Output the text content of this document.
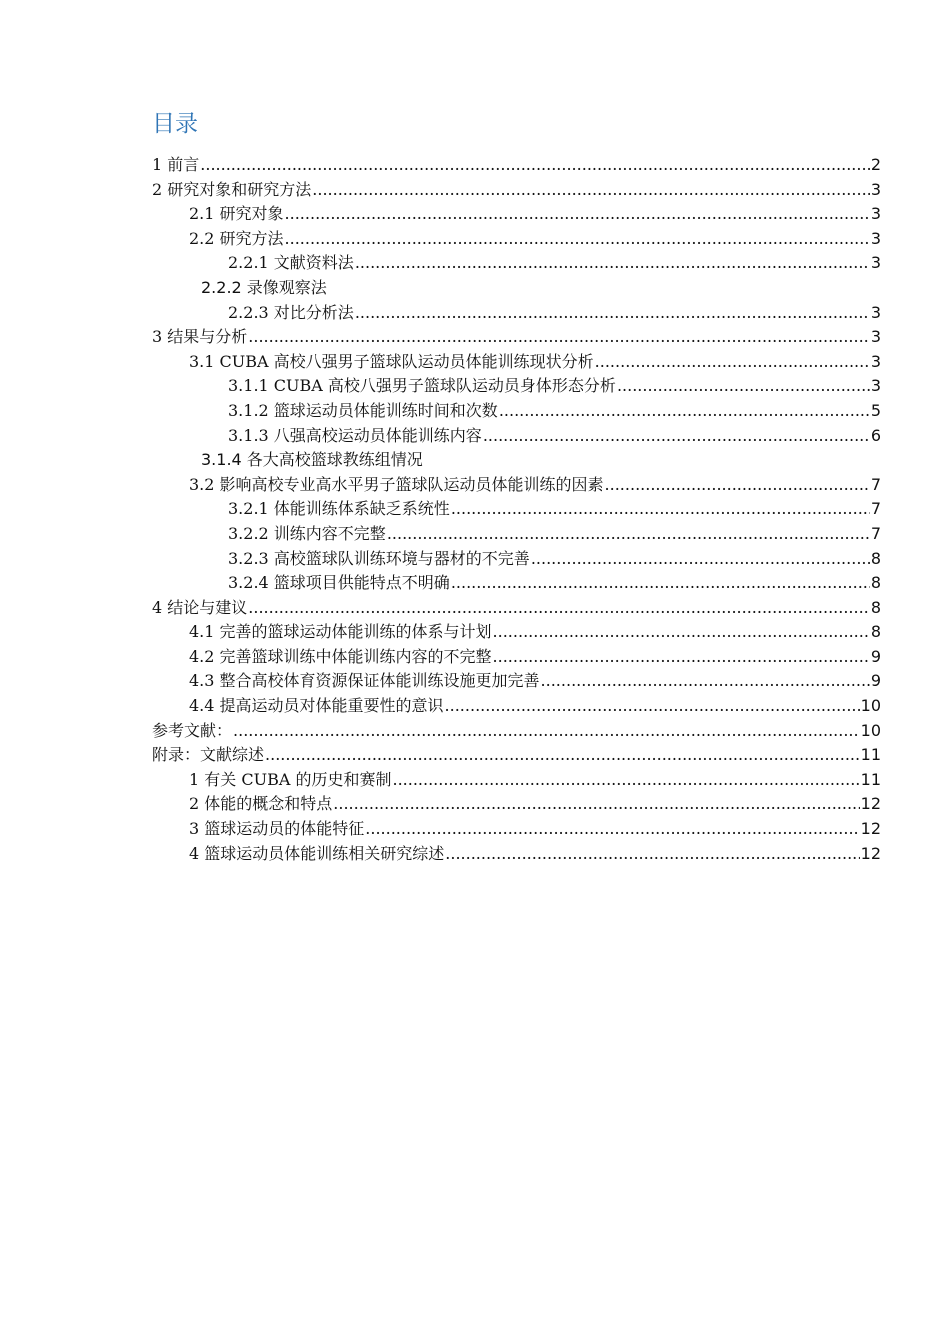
目录
1 前言 .....	2
2 研究对象和研究方法 .....	3
2.1 研究对象 .....	3
2.2 研究方法 .....	3
2.2.1 文献资料法 .....	3
2.2.2 录像观察法
2.2.3 对比分析法 .....	3
3 结果与分析 .....	3
3.1 CUBA 高校八强男子篮球队运动员体能训练现状分析 .....	3
3.1.1 CUBA 高校八强男子篮球队运动员身体形态分析 .....	3
3.1.2 篮球运动员体能训练时间和次数 .....	5
3.1.3 八强高校运动员体能训练内容 .....	6
3.1.4 各大高校篮球教练组情况
3.2 影响高校专业高水平男子篮球队运动员体能训练的因素 .....	7
3.2.1 体能训练体系缺乏系统性 .....	7
3.2.2 训练内容不完整 .....	7
3.2.3 高校篮球队训练环境与器材的不完善 .....	8
3.2.4 篮球项目供能特点不明确 .....	8
4 结论与建议 .....	8
4.1 完善的篮球运动体能训练的体系与计划 .....	8
4.2 完善篮球训练中体能训练内容的不完整 .....	9
4.3 整合高校体育资源保证体能训练设施更加完善 .....	9
4.4 提高运动员对体能重要性的意识 .....	10
参考文献： .....	10
附录：文献综述 .....	11
1 有关 CUBA 的历史和赛制 .....	11
2 体能的概念和特点 .....	12
3 篮球运动员的体能特征 .....	12
4 篮球运动员体能训练相关研究综述 .....	12
